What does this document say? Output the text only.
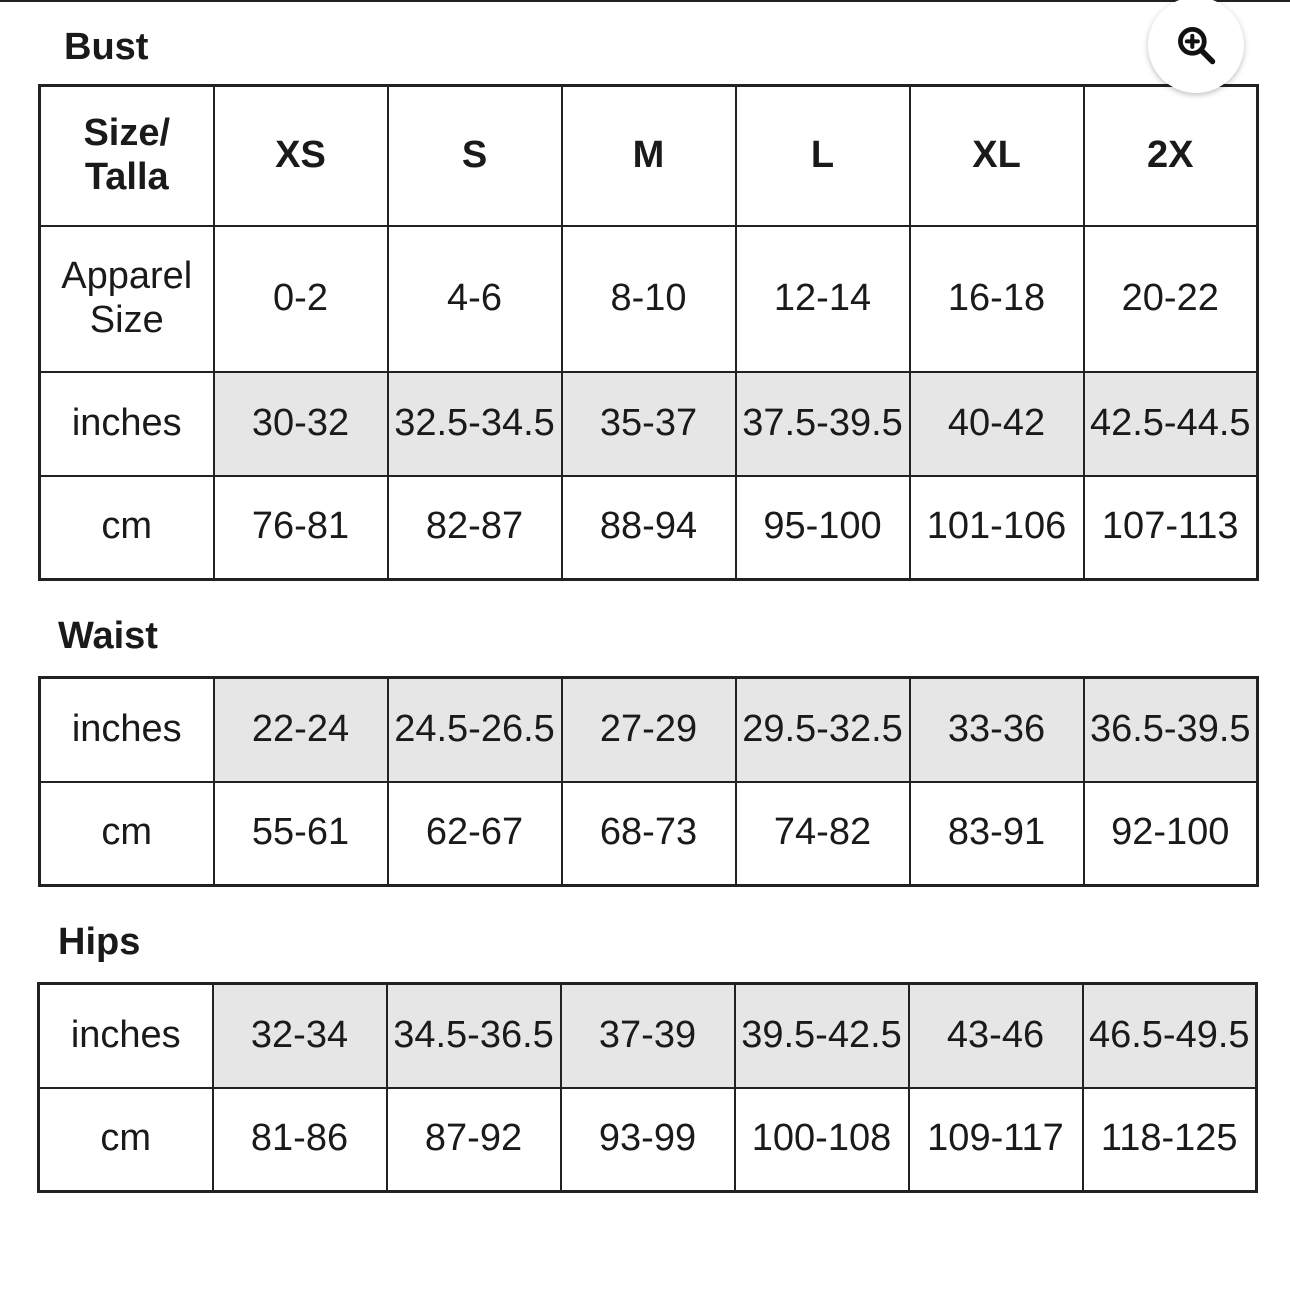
Bust
Size/
Talla	XS	S	M	L	XL	2X
Apparel
Size	0-2	4-6	8-10	12-14	16-18	20-22
inches	30-32	32.5-34.5	35-37	37.5-39.5	40-42	42.5-44.5
cm	76-81	82-87	88-94	95-100	101-106	107-113
Waist
inches	22-24	24.5-26.5	27-29	29.5-32.5	33-36	36.5-39.5
cm	55-61	62-67	68-73	74-82	83-91	92-100
Hips
inches	32-34	34.5-36.5	37-39	39.5-42.5	43-46	46.5-49.5
cm	81-86	87-92	93-99	100-108	109-117	118-125
